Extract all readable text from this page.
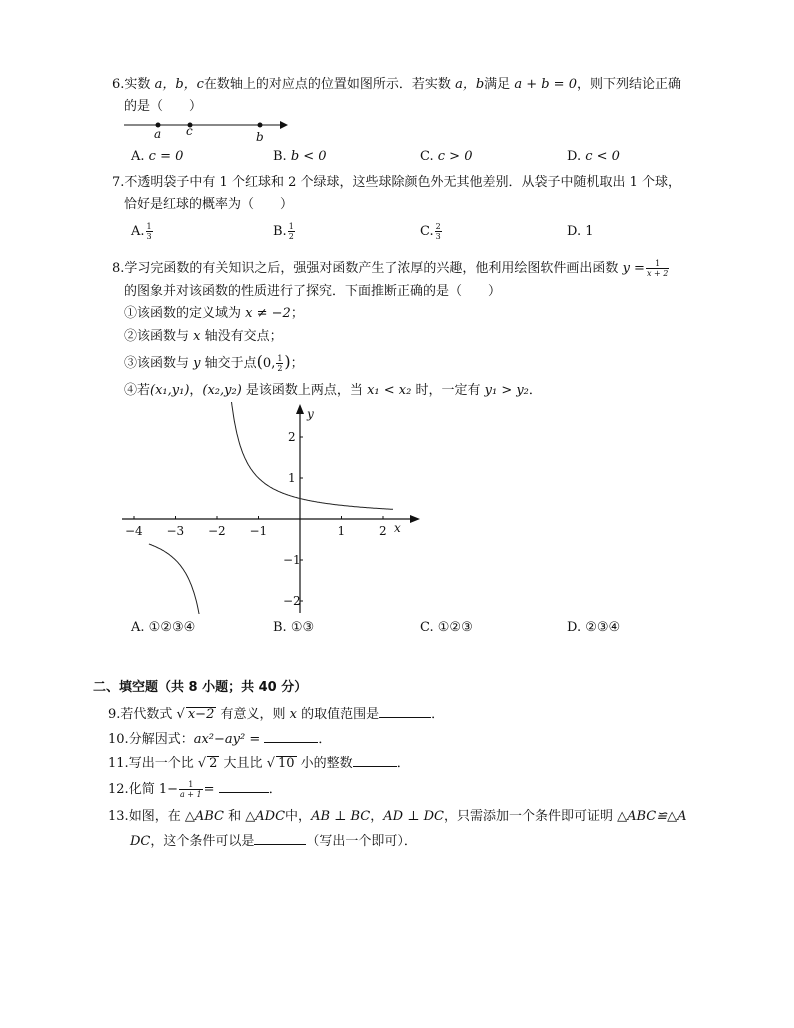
6.实数 a，b，c在数轴上的对应点的位置如图所示．若实数 a，b满足 a + b = 0，则下列结论正确
的是（　　）
a c	b
A. c = 0	B. b < 0	C. c > 0	D. c < 0
7.不透明袋子中有 1 个红球和 2 个绿球，这些球除颜色外无其他差别．从袋子中随机取出 1 个球，
恰好是红球的概率为（　　）
A. $\frac{1}{3}$	B. $\frac{1}{2}$	C. $\frac{2}{3}$	D. 1
8.学习完函数的有关知识之后，强强对函数产生了浓厚的兴趣，他利用绘图软件画出函数 $y = \frac{1}{x + 2}$
的图象并对该函数的性质进行了探究．下面推断正确的是（　　）
①该函数的定义域为 x ≠ −2；
②该函数与 x 轴没有交点；
③该函数与 y 轴交于点(0, $\frac{1}{2}$ )；
④若(x₁,y₁)，(x₂,y₂) 是该函数上两点，当 x₁ < x₂ 时，一定有 y₁ > y₂．
x
y
−4 −3 −2 −1	1	2
2
1
−1
−2
A. ①②③④	B. ①③	C. ①②③	D. ②③④
二、填空题（共 8 小题；共 40 分）
9.若代数式 √ x−2 有意义，则 x 的取值范围是	．
10.分解因式：ax²−ay² =	．
11.写出一个比 √ 2 大且比 √ 10 小的整数	．
12.化简 $1- \frac{1}{a + 1}$ =	．
13.如图，在 △ABC 和 △ADC中，AB ⊥ BC，AD ⊥ DC，只需添加一个条件即可证明 △ABC≌△A
DC，这个条件可以是	（写出一个即可）．
